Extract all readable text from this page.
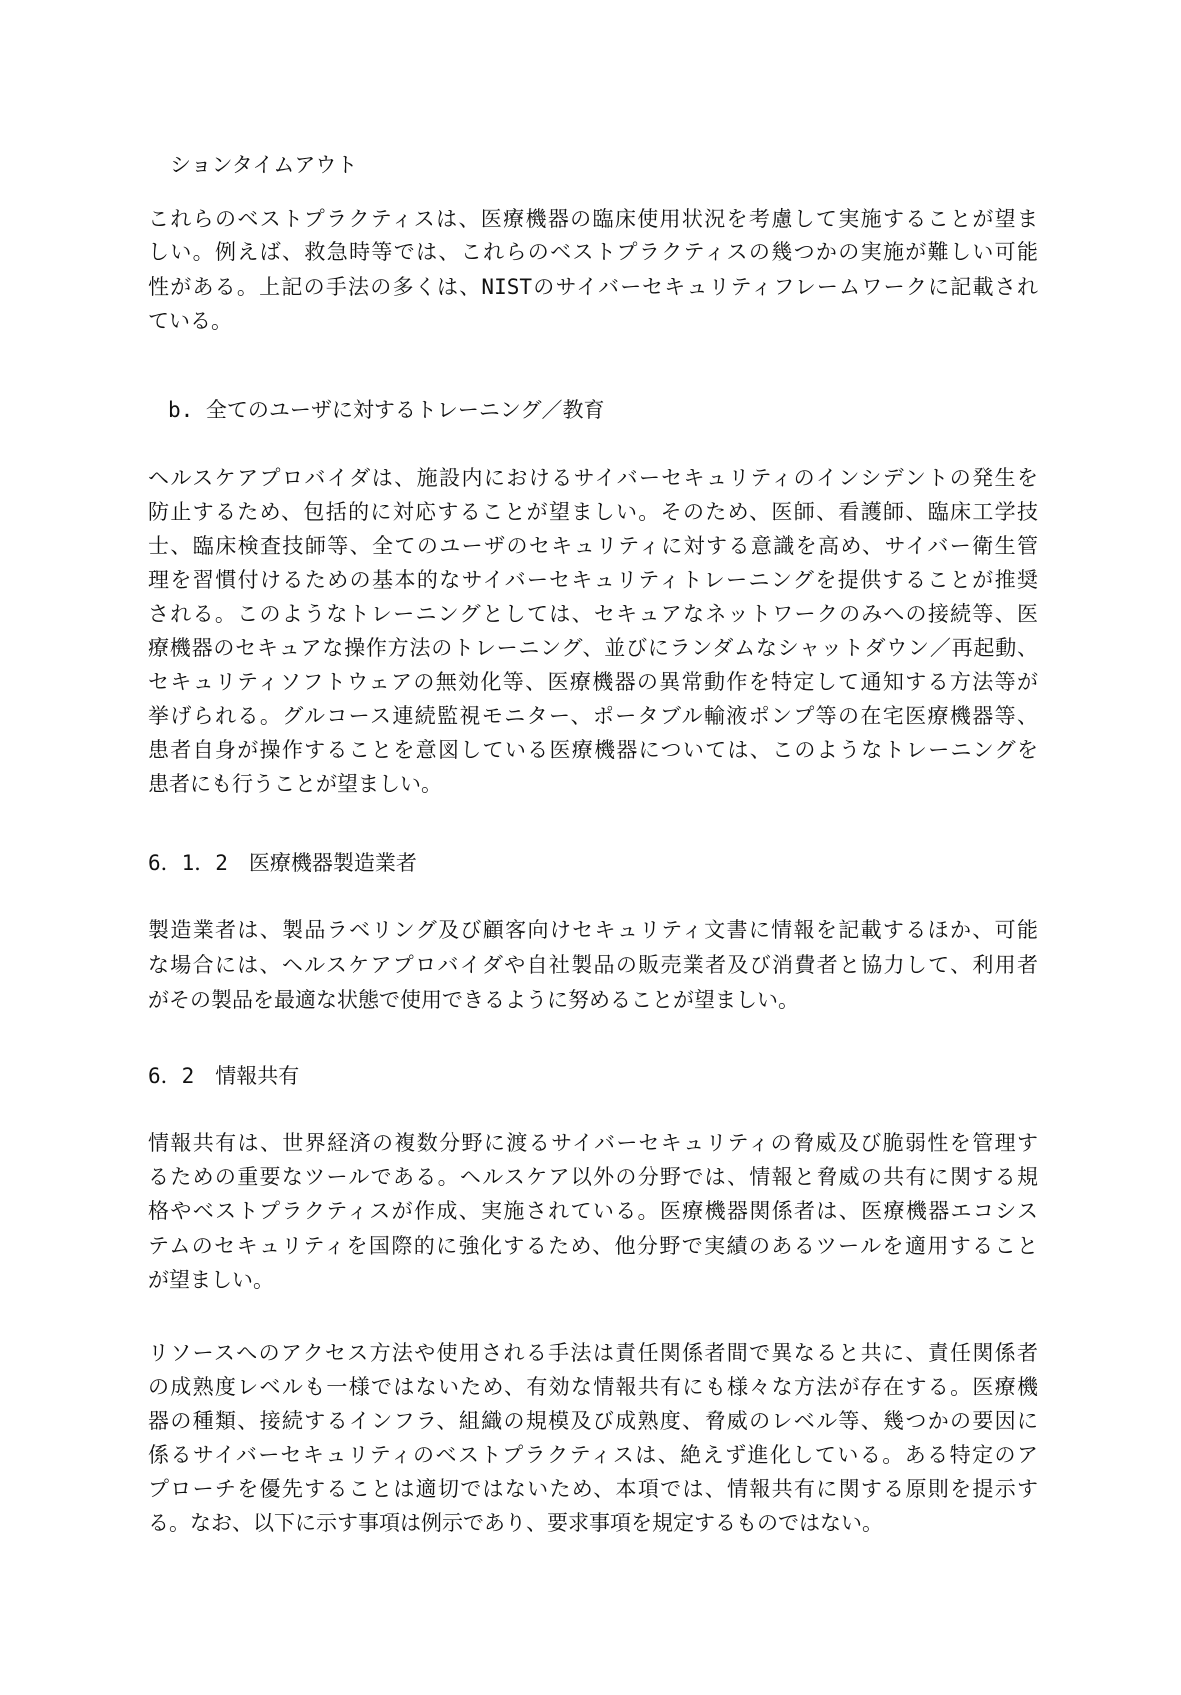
ションタイムアウト
これらのベストプラクティスは、医療機器の臨床使用状況を考慮して実施することが望ま
しい。例えば、救急時等では、これらのベストプラクティスの幾つかの実施が難しい可能
性がある。上記の手法の多くは、NISTのサイバーセキュリティフレームワークに記載され
ている。
b. 全てのユーザに対するトレーニング／教育
ヘルスケアプロバイダは、施設内におけるサイバーセキュリティのインシデントの発生を
防止するため、包括的に対応することが望ましい。そのため、医師、看護師、臨床工学技
士、臨床検査技師等、全てのユーザのセキュリティに対する意識を高め、サイバー衛生管
理を習慣付けるための基本的なサイバーセキュリティトレーニングを提供することが推奨
される。このようなトレーニングとしては、セキュアなネットワークのみへの接続等、医
療機器のセキュアな操作方法のトレーニング、並びにランダムなシャットダウン／再起動、
セキュリティソフトウェアの無効化等、医療機器の異常動作を特定して通知する方法等が
挙げられる。グルコース連続監視モニター、ポータブル輸液ポンプ等の在宅医療機器等、
患者自身が操作することを意図している医療機器については、このようなトレーニングを
患者にも行うことが望ましい。
6．1．2　医療機器製造業者
製造業者は、製品ラベリング及び顧客向けセキュリティ文書に情報を記載するほか、可能
な場合には、ヘルスケアプロバイダや自社製品の販売業者及び消費者と協力して、利用者
がその製品を最適な状態で使用できるように努めることが望ましい。
6．2　情報共有
情報共有は、世界経済の複数分野に渡るサイバーセキュリティの脅威及び脆弱性を管理す
るための重要なツールである。ヘルスケア以外の分野では、情報と脅威の共有に関する規
格やベストプラクティスが作成、実施されている。医療機器関係者は、医療機器エコシス
テムのセキュリティを国際的に強化するため、他分野で実績のあるツールを適用すること
が望ましい。
リソースへのアクセス方法や使用される手法は責任関係者間で異なると共に、責任関係者
の成熟度レベルも一様ではないため、有効な情報共有にも様々な方法が存在する。医療機
器の種類、接続するインフラ、組織の規模及び成熟度、脅威のレベル等、幾つかの要因に
係るサイバーセキュリティのベストプラクティスは、絶えず進化している。ある特定のア
プローチを優先することは適切ではないため、本項では、情報共有に関する原則を提示す
る。なお、以下に示す事項は例示であり、要求事項を規定するものではない。
